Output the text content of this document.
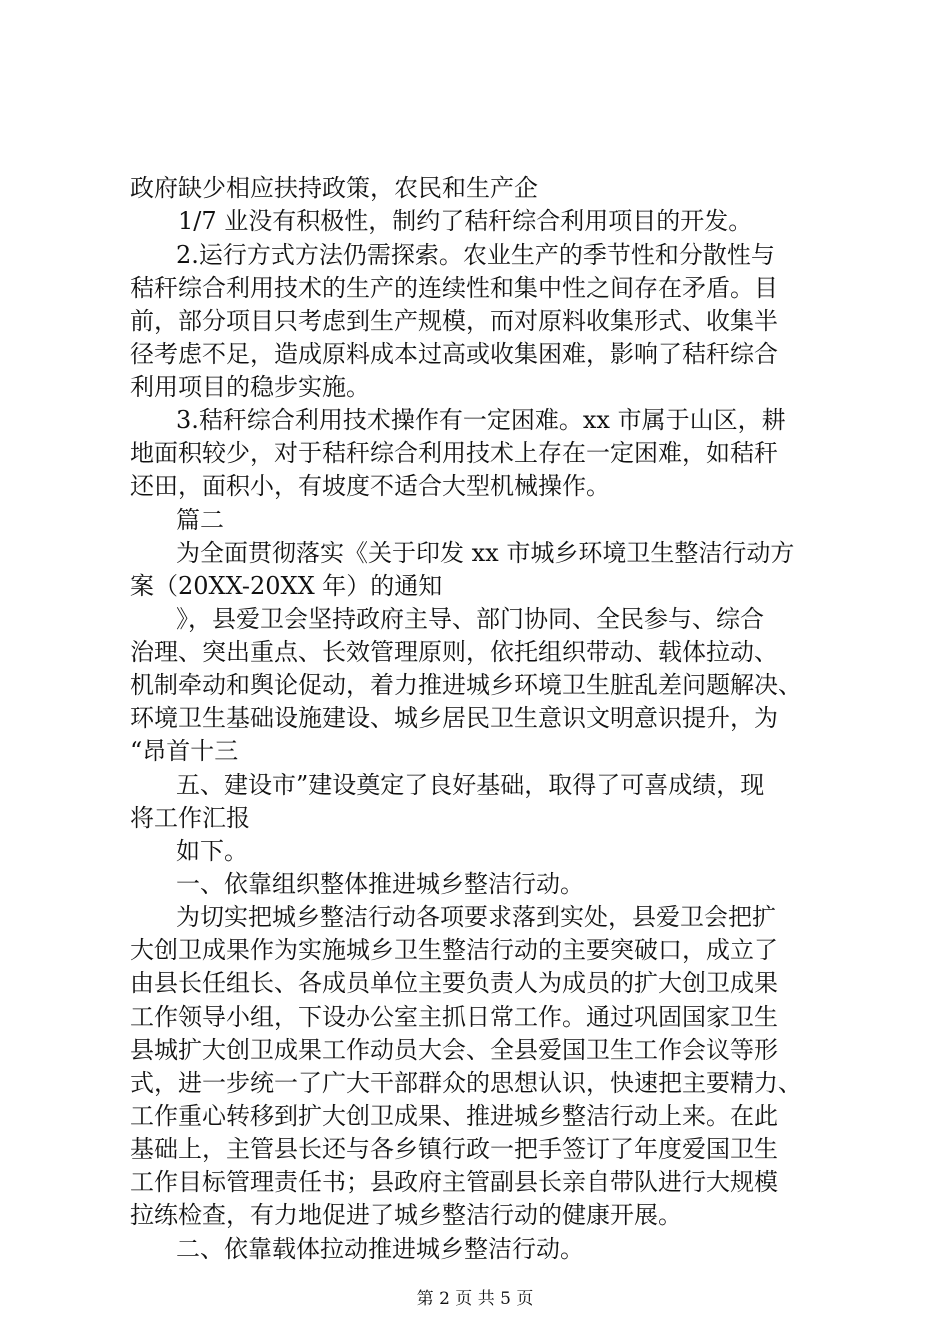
政府缺少相应扶持政策，农民和生产企
1/7 业没有积极性，制约了秸秆综合利用项目的开发。
2.运行方式方法仍需探索。农业生产的季节性和分散性与
秸秆综合利用技术的生产的连续性和集中性之间存在矛盾。目
前，部分项目只考虑到生产规模，而对原料收集形式、收集半
径考虑不足，造成原料成本过高或收集困难，影响了秸秆综合
利用项目的稳步实施。
3.秸秆综合利用技术操作有一定困难。xx 市属于山区，耕
地面积较少，对于秸秆综合利用技术上存在一定困难，如秸秆
还田，面积小，有坡度不适合大型机械操作。
篇二
为全面贯彻落实《关于印发 xx 市城乡环境卫生整洁行动方
案（20XX-20XX 年）的通知
》，县爱卫会坚持政府主导、部门协同、全民参与、综合
治理、突出重点、长效管理原则，依托组织带动、载体拉动、
机制牵动和舆论促动，着力推进城乡环境卫生脏乱差问题解决、
环境卫生基础设施建设、城乡居民卫生意识文明意识提升，为
“昂首十三
五、建设市”建设奠定了良好基础，取得了可喜成绩，现
将工作汇报
如下。
一、依靠组织整体推进城乡整洁行动。
为切实把城乡整洁行动各项要求落到实处，县爱卫会把扩
大创卫成果作为实施城乡卫生整洁行动的主要突破口，成立了
由县长任组长、各成员单位主要负责人为成员的扩大创卫成果
工作领导小组，下设办公室主抓日常工作。通过巩固国家卫生
县城扩大创卫成果工作动员大会、全县爱国卫生工作会议等形
式，进一步统一了广大干部群众的思想认识，快速把主要精力、
工作重心转移到扩大创卫成果、推进城乡整洁行动上来。在此
基础上，主管县长还与各乡镇行政一把手签订了年度爱国卫生
工作目标管理责任书；县政府主管副县长亲自带队进行大规模
拉练检查，有力地促进了城乡整洁行动的健康开展。
二、依靠载体拉动推进城乡整洁行动。
第 2 页 共 5 页
